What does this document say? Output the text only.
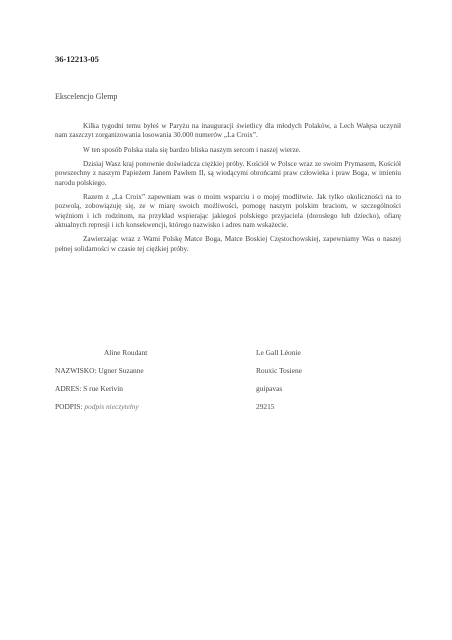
36-12213-05
Ekscelencjo Glemp

Kilka tygodni temu byłeś w Paryżu na inauguracji świetlicy dla młodych Polaków, a Lech Wałęsa uczynił nam zaszczyt zorganizowania losowania 30.000 numerów „La Croix”.

W ten sposób Polska stała się bardzo bliska naszym sercom i naszej wierze.

Dzisiaj Wasz kraj ponownie doświadcza ciężkiej próby. Kościół w Polsce wraz ze swoim Prymasem, Kościół powszechny z naszym Papieżem Janem Pawłem II, są wiodącymi obrońcami praw człowieka i praw Boga, w imieniu narodu polskiego.

Razem z „La Croix” zapewniam was o moim wsparciu i o mojej modlitwie. Jak tylko okoliczności na to pozwolą, zobowiązuję się, ze w miarę swoich możliwości, pomogę naszym polskim braciom, w szczególności więźniom i ich rodzinom, na przykład wspierając jakiegoś polskiego przyjaciela (dorosłego lub dziecko), ofiarę aktualnych represji i ich konsekwencji, którego nazwisko i adres nam wskażecie.

Zawierzając wraz z Wami Polskę Matce Boga, Matce Boskiej Częstochowskiej, zapewniamy Was o naszej pełnej solidarności w czasie tej ciężkiej próby.

Aline Roudant	Le Gall Léonie
NAZWISKO: Ugner Suzanne	Rouxic Tosiene
ADRES: S rue Kerivin	guipavas
PODPIS: podpis nieczytelny	29215
